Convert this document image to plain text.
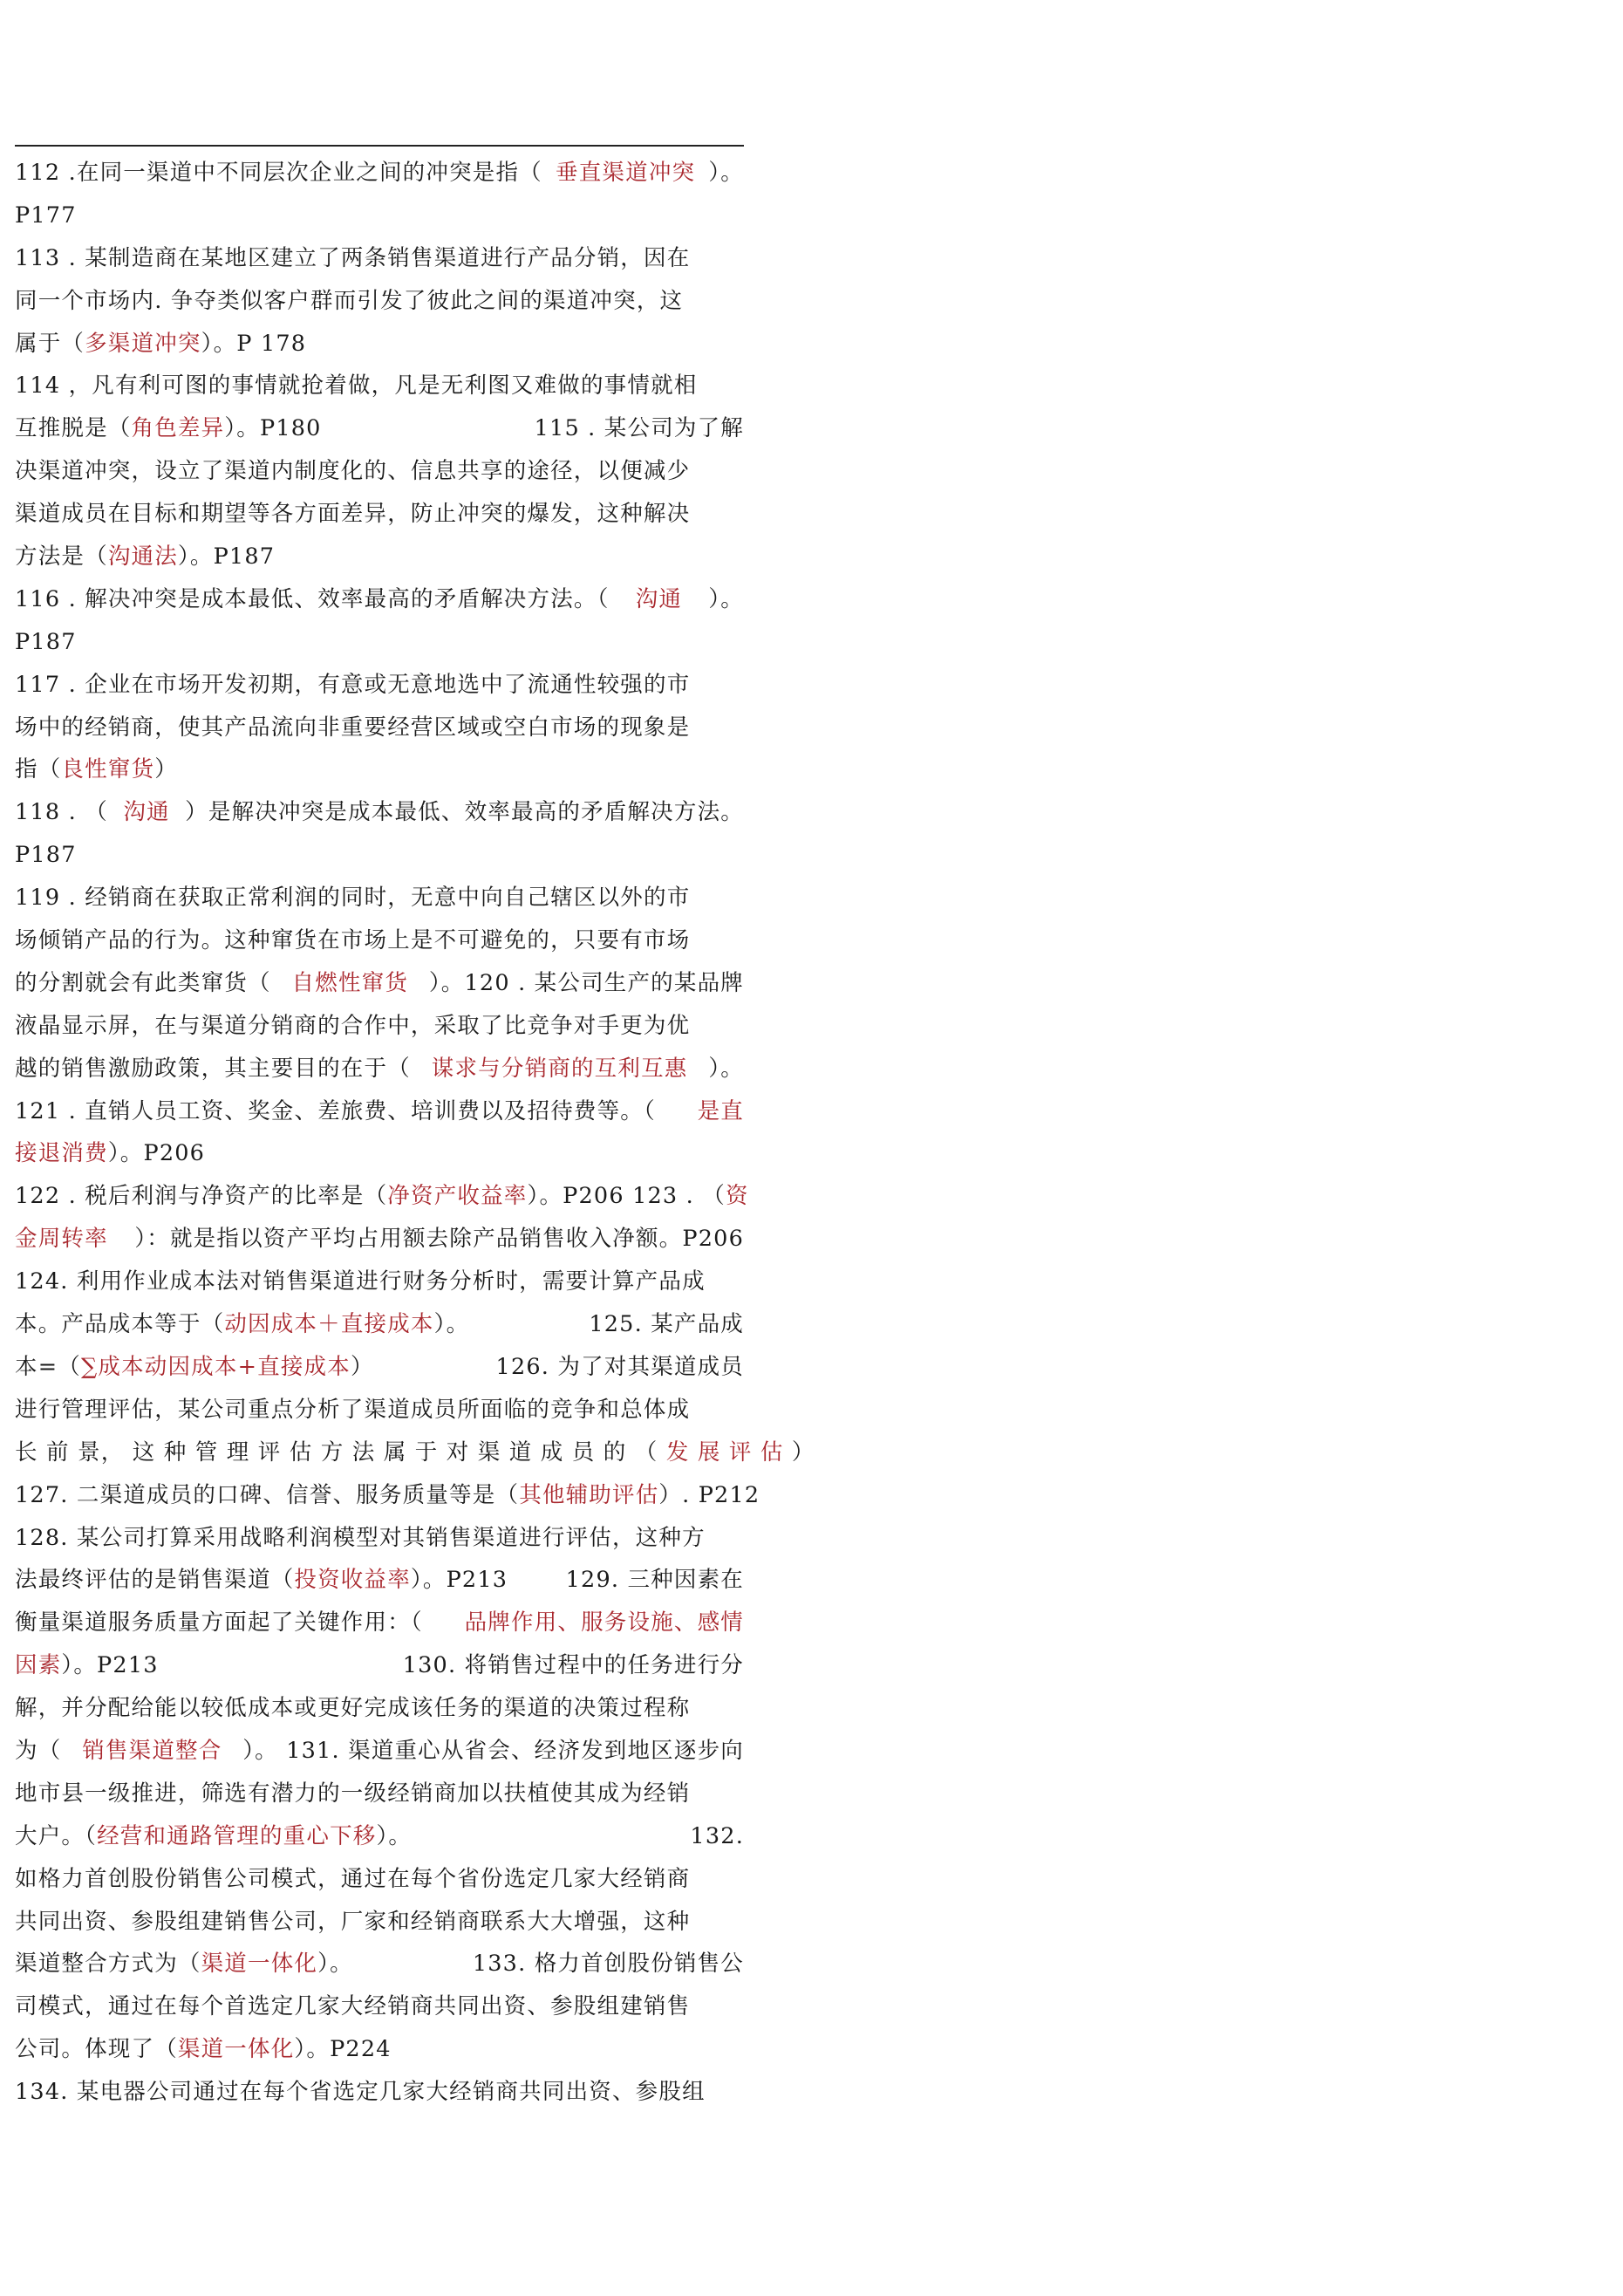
112 .在同一渠道中不同层次企业之间的冲突是指（ 垂直渠道冲突 ）。
P177
113 . 某制造商在某地区建立了两条销售渠道进行产品分销，因在
同一个市场内. 争夺类似客户群而引发了彼此之间的渠道冲突，这
属于（ 多渠道冲突 ）。P 178
114 ，凡有利可图的事情就抢着做，凡是无利图又难做的事情就相
互推脱是（ 角色差异 ）。P180	115 . 某公司为了解
决渠道冲突，设立了渠道内制度化的、信息共享的途径，以便减少
渠道成员在目标和期望等各方面差异，防止冲突的爆发，这种解决
方法是（ 沟通法 ）。P187
116 . 解决冲突是成本最低、效率最高的矛盾解决方法。（ 沟通 ）。
P187
117 . 企业在市场开发初期，有意或无意地选中了流通性较强的市
场中的经销商，使其产品流向非重要经营区域或空白市场的现象是
指（ 良性窜货 ）
118 . （ 沟通 ）是解决冲突是成本最低、效率最高的矛盾解决方法。
P187
119 . 经销商在获取正常利润的同时，无意中向自己辖区以外的市
场倾销产品的行为。这种窜货在市场上是不可避免的，只要有市场
的分割就会有此类窜货（ 自燃性窜货 ）。120 . 某公司生产的某品牌
液晶显示屏，在与渠道分销商的合作中，采取了比竞争对手更为优
越的销售激励政策，其主要目的在于（ 谋求与分销商的互利互惠 ）。
121 . 直销人员工资、奖金、差旅费、培训费以及招待费等。（ 是直
接退消费 ）。P206
122 . 税后利润与净资产的比率是（ 净资产收益率 ）。P206 123 . （ 资
金周转率 ）：就是指以资产平均占用额去除产品销售收入净额。P206
124. 利用作业成本法对销售渠道进行财务分析时，需要计算产品成
本。产品成本等于（ 动因成本＋直接成本 ）。	125. 某产品成
本=（ ∑成本动因成本+直接成本 ）	126. 为了对其渠道成员
进行管理评估，某公司重点分析了渠道成员所面临的竞争和总体成
长 前 景， 这 种 管 理 评 估 方 法 属 于 对 渠 道 成 员 的 （ 发 展 评 估 ）
127. 二渠道成员的口碑、信誉、服务质量等是（ 其他辅助评估 ）. P212
128. 某公司打算采用战略利润模型对其销售渠道进行评估，这种方
法最终评估的是销售渠道（ 投资收益率 ）。P213	129. 三种因素在
衡量渠道服务质量方面起了关键作用：（ 品牌作用、服务设施、感情
因素 ）。P213	130. 将销售过程中的任务进行分
解，并分配给能以较低成本或更好完成该任务的渠道的决策过程称
为（ 销售渠道整合 ）。 131. 渠道重心从省会、经济发到地区逐步向
地市县一级推进，筛选有潜力的一级经销商加以扶植使其成为经销
大户。（ 经营和通路管理的重心下移 ）。	132.
如格力首创股份销售公司模式，通过在每个省份选定几家大经销商
共同出资、参股组建销售公司，厂家和经销商联系大大增强，这种
渠道整合方式为（ 渠道一体化 ）。	133. 格力首创股份销售公
司模式，通过在每个首选定几家大经销商共同出资、参股组建销售
公司。体现了（ 渠道一体化 ）。P224
134. 某电器公司通过在每个省选定几家大经销商共同出资、参股组
